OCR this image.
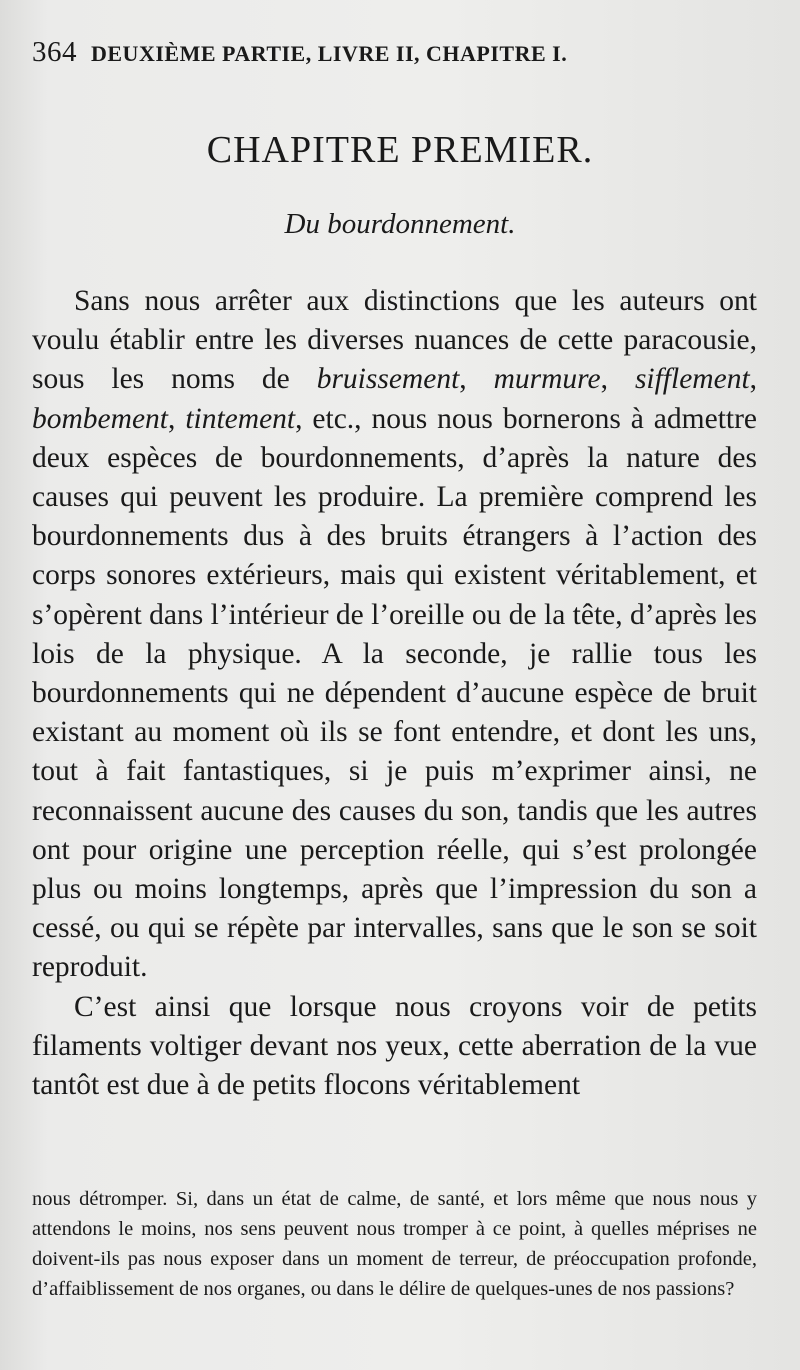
364 DEUXIÈME PARTIE, LIVRE II, CHAPITRE I.
CHAPITRE PREMIER.
Du bourdonnement.

Sans nous arrêter aux distinctions que les auteurs ont voulu établir entre les diverses nuances de cette paracousie, sous les noms de bruissement, murmure, sifflement, bombement, tintement, etc., nous nous bornerons à admettre deux espèces de bourdonnements, d’après la nature des causes qui peuvent les produire. La première comprend les bourdonnements dus à des bruits étrangers à l’action des corps sonores extérieurs, mais qui existent véritablement, et s’opèrent dans l’intérieur de l’oreille ou de la tête, d’après les lois de la physique. A la seconde, je rallie tous les bourdonnements qui ne dépendent d’aucune espèce de bruit existant au moment où ils se font entendre, et dont les uns, tout à fait fantastiques, si je puis m’exprimer ainsi, ne reconnaissent aucune des causes du son, tandis que les autres ont pour origine une perception réelle, qui s’est prolongée plus ou moins longtemps, après que l’impression du son a cessé, ou qui se répète par intervalles, sans que le son se soit reproduit.

C’est ainsi que lorsque nous croyons voir de petits filaments voltiger devant nos yeux, cette aberration de la vue tantôt est due à de petits flocons véritablement

nous détromper. Si, dans un état de calme, de santé, et lors même que nous nous y attendons le moins, nos sens peuvent nous tromper à ce point, à quelles méprises ne doivent-ils pas nous exposer dans un moment de terreur, de préoccupation profonde, d’affaiblissement de nos organes, ou dans le délire de quelques-unes de nos passions?
